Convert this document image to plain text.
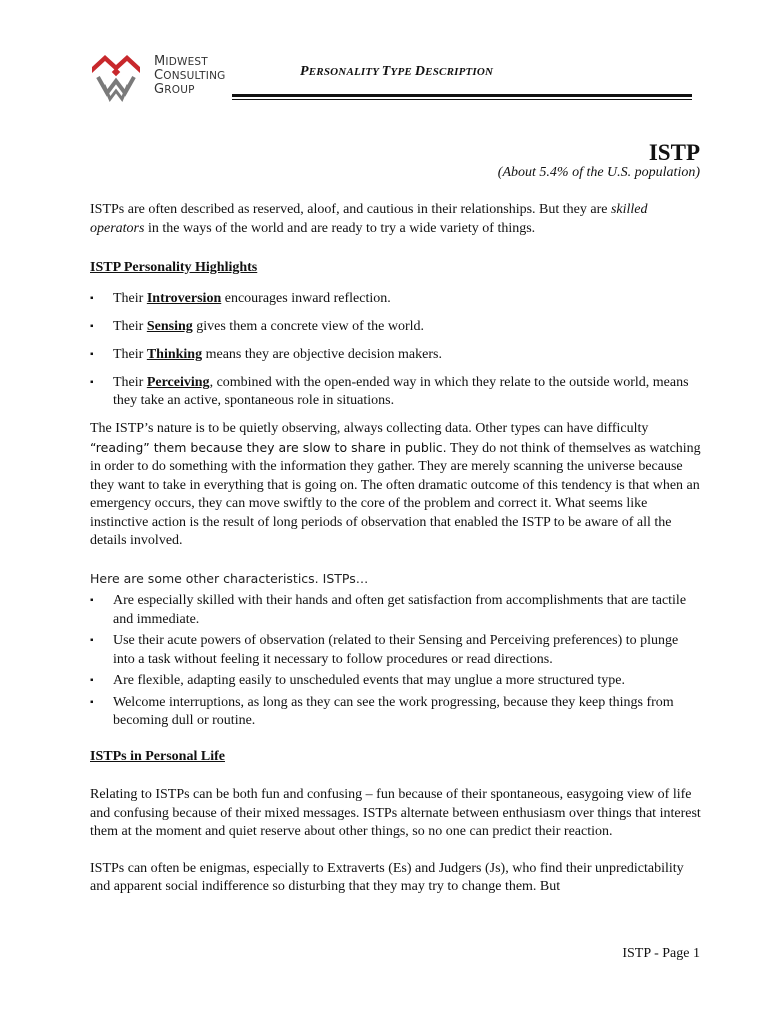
MIDWEST
CONSULTING
GROUP
PERSONALITY TYPE DESCRIPTION
ISTP
(About 5.4% of the U.S. population)

ISTPs are often described as reserved, aloof, and cautious in their relationships. But they are skilled operators in the ways of the world and are ready to try a wide variety of things.

ISTP Personality Highlights

▪ Their Introversion encourages inward reflection.
▪ Their Sensing gives them a concrete view of the world.
▪ Their Thinking means they are objective decision makers.
▪ Their Perceiving, combined with the open-ended way in which they relate to the outside world, means they take an active, spontaneous role in situations.

The ISTP’s nature is to be quietly observing, always collecting data. Other types can have difficulty “reading” them because they are slow to share in public. They do not think of themselves as watching in order to do something with the information they gather. They are merely scanning the universe because they want to take in everything that is going on. The often dramatic outcome of this tendency is that when an emergency occurs, they can move swiftly to the core of the problem and correct it. What seems like instinctive action is the result of long periods of observation that enabled the ISTP to be aware of all the details involved.

Here are some other characteristics. ISTPs…

▪ Are especially skilled with their hands and often get satisfaction from accomplishments that are tactile and immediate.
▪ Use their acute powers of observation (related to their Sensing and Perceiving preferences) to plunge into a task without feeling it necessary to follow procedures or read directions.
▪ Are flexible, adapting easily to unscheduled events that may unglue a more structured type.
▪ Welcome interruptions, as long as they can see the work progressing, because they keep things from becoming dull or routine.

ISTPs in Personal Life

Relating to ISTPs can be both fun and confusing – fun because of their spontaneous, easygoing view of life and confusing because of their mixed messages. ISTPs alternate between enthusiasm over things that interest them at the moment and quiet reserve about other things, so no one can predict their reaction.

ISTPs can often be enigmas, especially to Extraverts (Es) and Judgers (Js), who find their unpredictability and apparent social indifference so disturbing that they may try to change them. But

ISTP - Page 1
